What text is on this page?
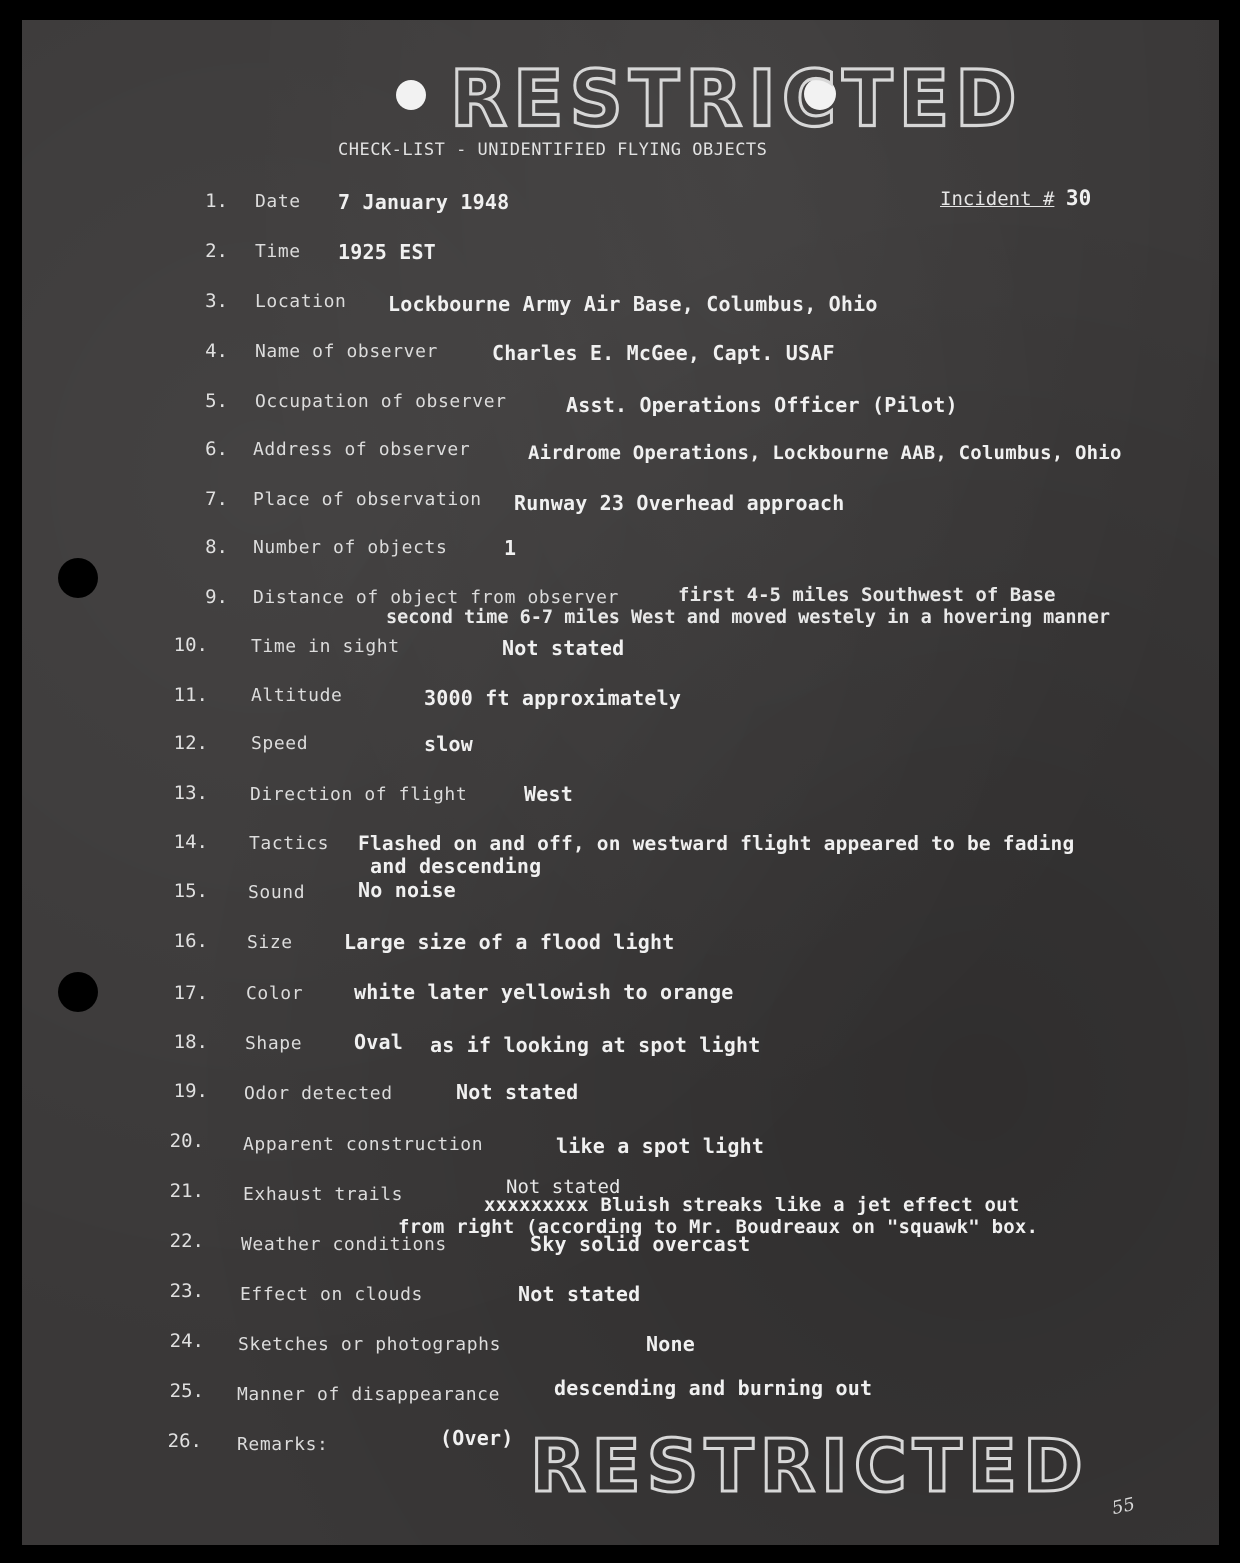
RESTRICTED
CHECK-LIST - UNIDENTIFIED FLYING OBJECTS
Incident # 30
1. Date 7 January 1948
2. Time 1925 EST
3. Location Lockbourne Army Air Base, Columbus, Ohio
4. Name of observer	Charles E. McGee, Capt. USAF
5. Occupation of observer	Asst. Operations Officer (Pilot)
6. Address of observer	Airdrome Operations, Lockbourne AAB, Columbus, Ohio
7. Place of observation Runway 23 Overhead approach
8. Number of objects	1
9. Distance of object from observer	first 4-5 miles Southwest of Base
second time 6-7 miles West and moved westely in a hovering manner
10. Time in sight	Not stated
11. Altitude	3000 ft approximately
12. Speed	slow
13. Direction of flight	West
14. Tactics Flashed on and off, on westward flight appeared to be fading
and descending
15. Sound	No noise
16. Size	Large size of a flood light
17. Color	white later yellowish to orange
18. Shape	Oval as if looking at spot light
19. Odor detected	Not stated
20. Apparent construction	like a spot light
21. Exhaust trails	Not stated
xxxxxxxxx Bluish streaks like a jet effect out
from right (according to Mr. Boudreaux on "squawk" box.
22. Weather conditions	Sky solid overcast
23. Effect on clouds	Not stated
24. Sketches or photographs	None
25. Manner of disappearance	descending and burning out
26. Remarks:	(Over) RESTRICTED 55
